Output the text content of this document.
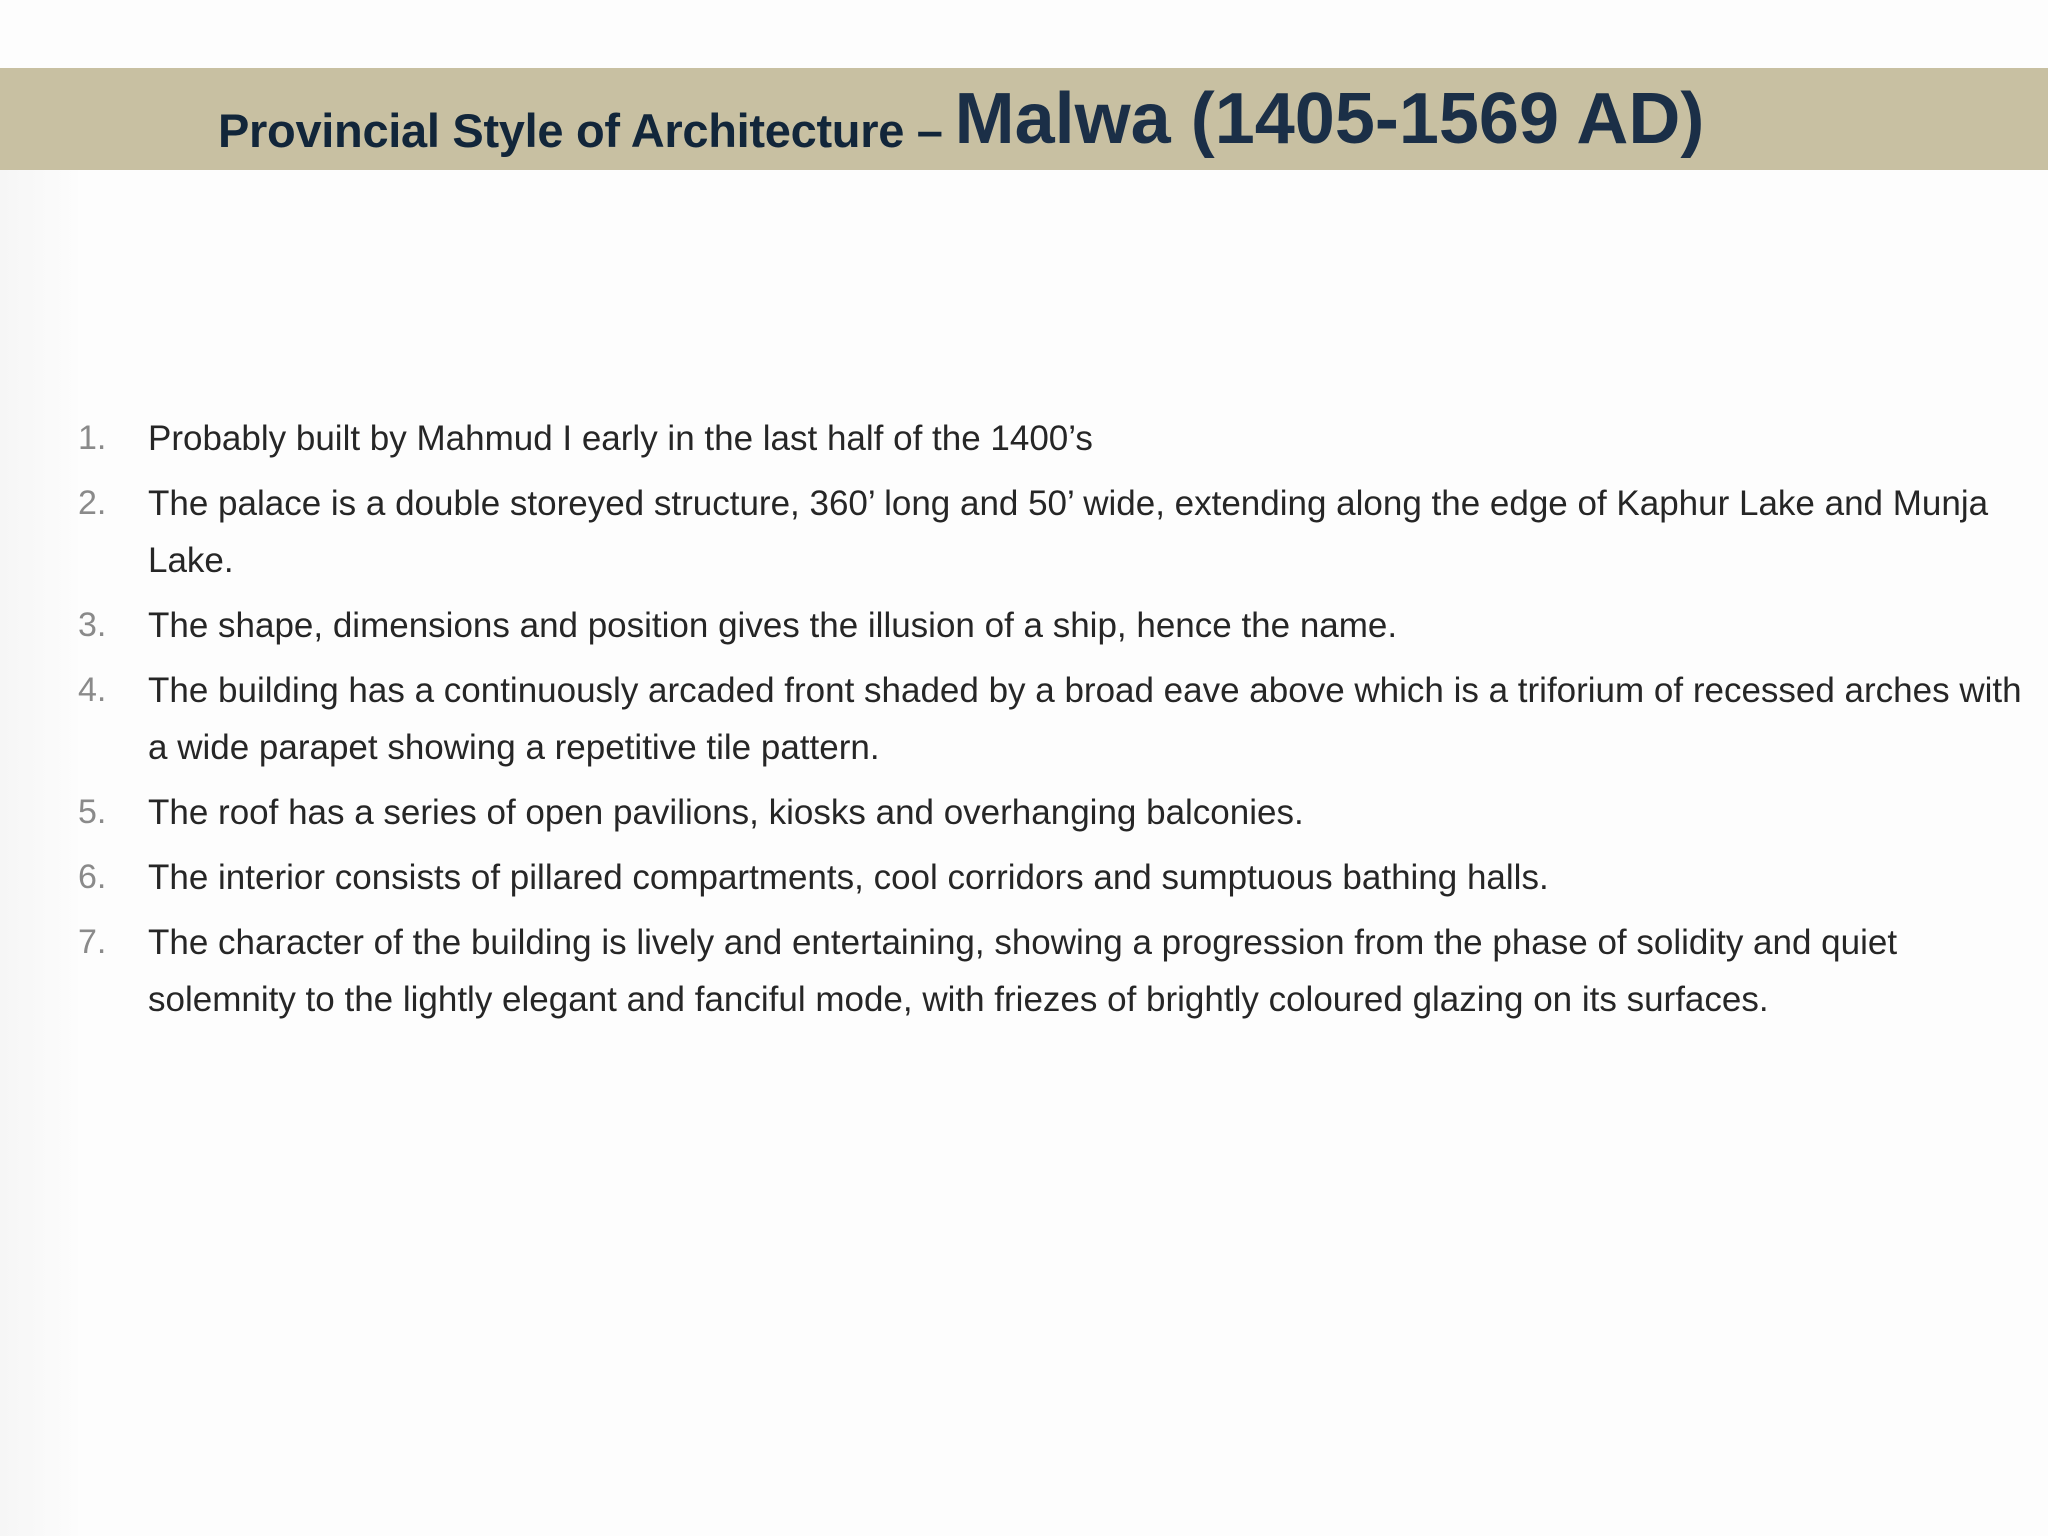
Provincial Style of Architecture – Malwa (1405-1569 AD)
1. Probably built by Mahmud I early in the last half of the 1400’s
2. The palace is a double storeyed structure, 360’ long and 50’ wide, extending along the edge of Kaphur Lake and Munja Lake.
3. The shape, dimensions and position gives the illusion of a ship, hence the name.
4. The building has a continuously arcaded front shaded by a broad eave above which is a triforium of recessed arches with a wide parapet showing a repetitive tile pattern.
5. The roof has a series of open pavilions, kiosks and overhanging balconies.
6. The interior consists of pillared compartments, cool corridors and sumptuous bathing halls.
7. The character of the building is lively and entertaining, showing a progression from the phase of solidity and quiet solemnity to the lightly elegant and fanciful mode, with friezes of brightly coloured glazing on its surfaces.
